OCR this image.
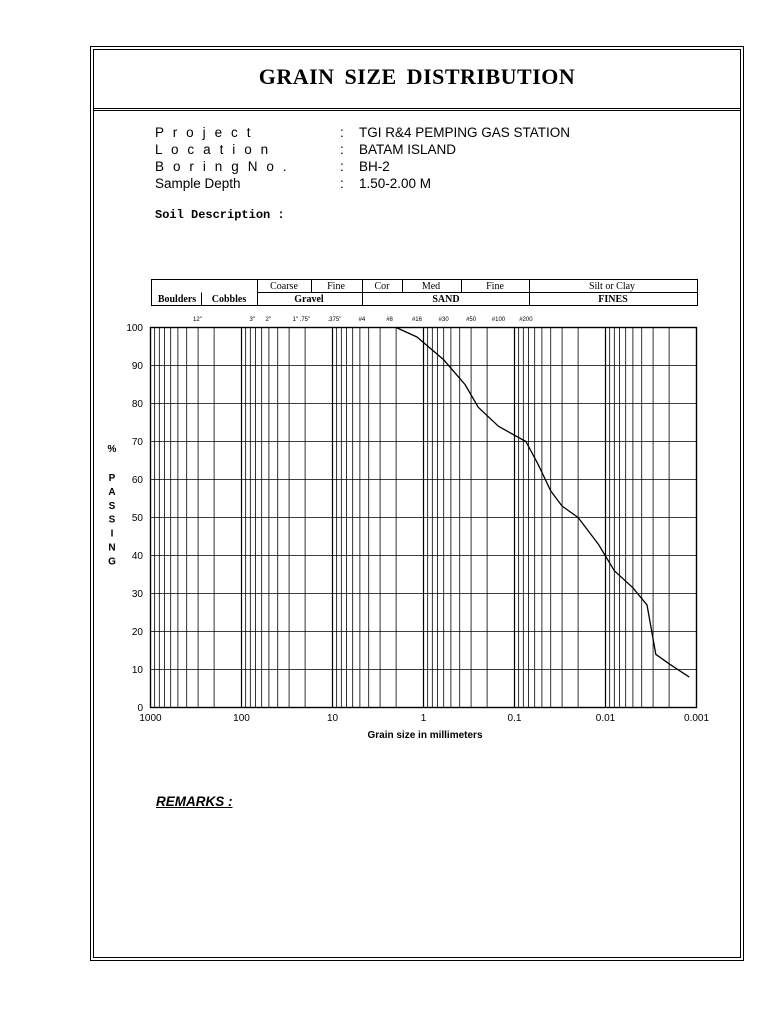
GRAIN SIZE DISTRIBUTION
P r o j e c t	: TGI R&4 PEMPING GAS STATION
L o c a t i o n	: BATAM ISLAND
B o r i n g N o .	: BH-2
Sample Depth	: 1.50-2.00 M
Soil Description :
Coarse	Fine	Cor	Med	Fine	Silt or Clay
Boulders Cobbles	Gravel	SAND	FINES
12"	3" 2"	1" .75"	.375"	#4	#8	#16	#30	#50	#100 #200
0
10
20
30
40
50
60
70
80
90
100
1000	100	10	1	0.1	0.01	0.001
Grain size in millimeters
%
P
A
S
S
I
N
G
REMARKS :
